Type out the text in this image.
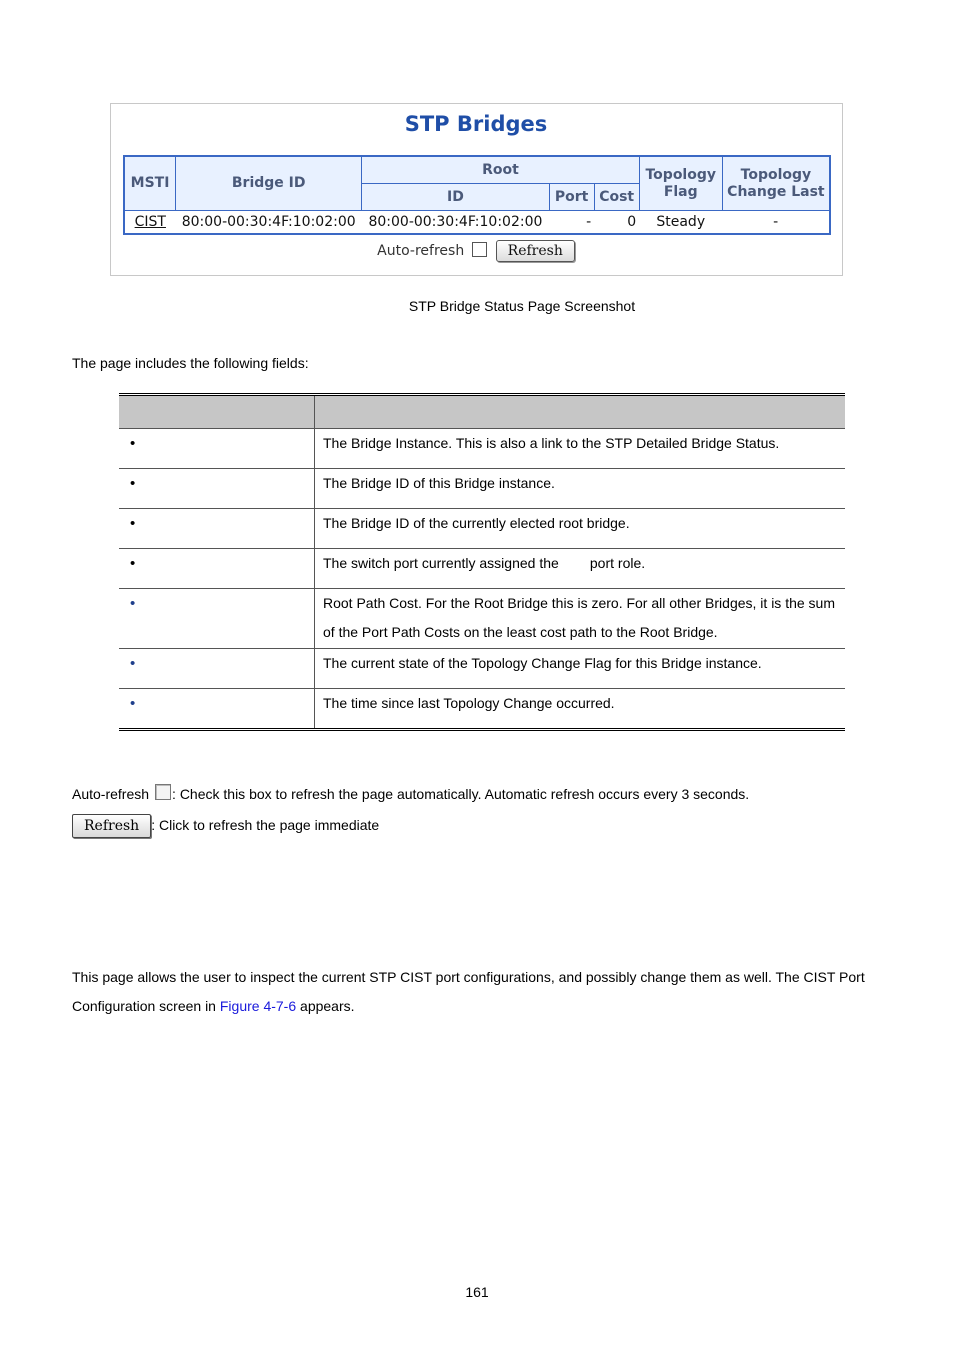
STP Bridges
MSTI	Bridge ID	Root			Topology Flag	Topology Change Last
		ID	Port	Cost		
CIST	80:00-00:30:4F:10:02:00	80:00-00:30:4F:10:02:00	-	0	Steady	-
Auto-refresh	Refresh
STP Bridge Status Page Screenshot
The page includes the following fields:

•	The Bridge Instance. This is also a link to the STP Detailed Bridge Status.
•	The Bridge ID of this Bridge instance.
•	The Bridge ID of the currently elected root bridge.
•	The switch port currently assigned the        port role.
•	Root Path Cost. For the Root Bridge this is zero. For all other Bridges, it is the sum of the Port Path Costs on the least cost path to the Root Bridge.
•	The current state of the Topology Change Flag for this Bridge instance.
•	The time since last Topology Change occurred.
Auto-refresh : Check this box to refresh the page automatically. Automatic refresh occurs every 3 seconds.
Refresh : Click to refresh the page immediate
This page allows the user to inspect the current STP CIST port configurations, and possibly change them as well. The CIST Port Configuration screen in Figure 4-7-6 appears.
161
